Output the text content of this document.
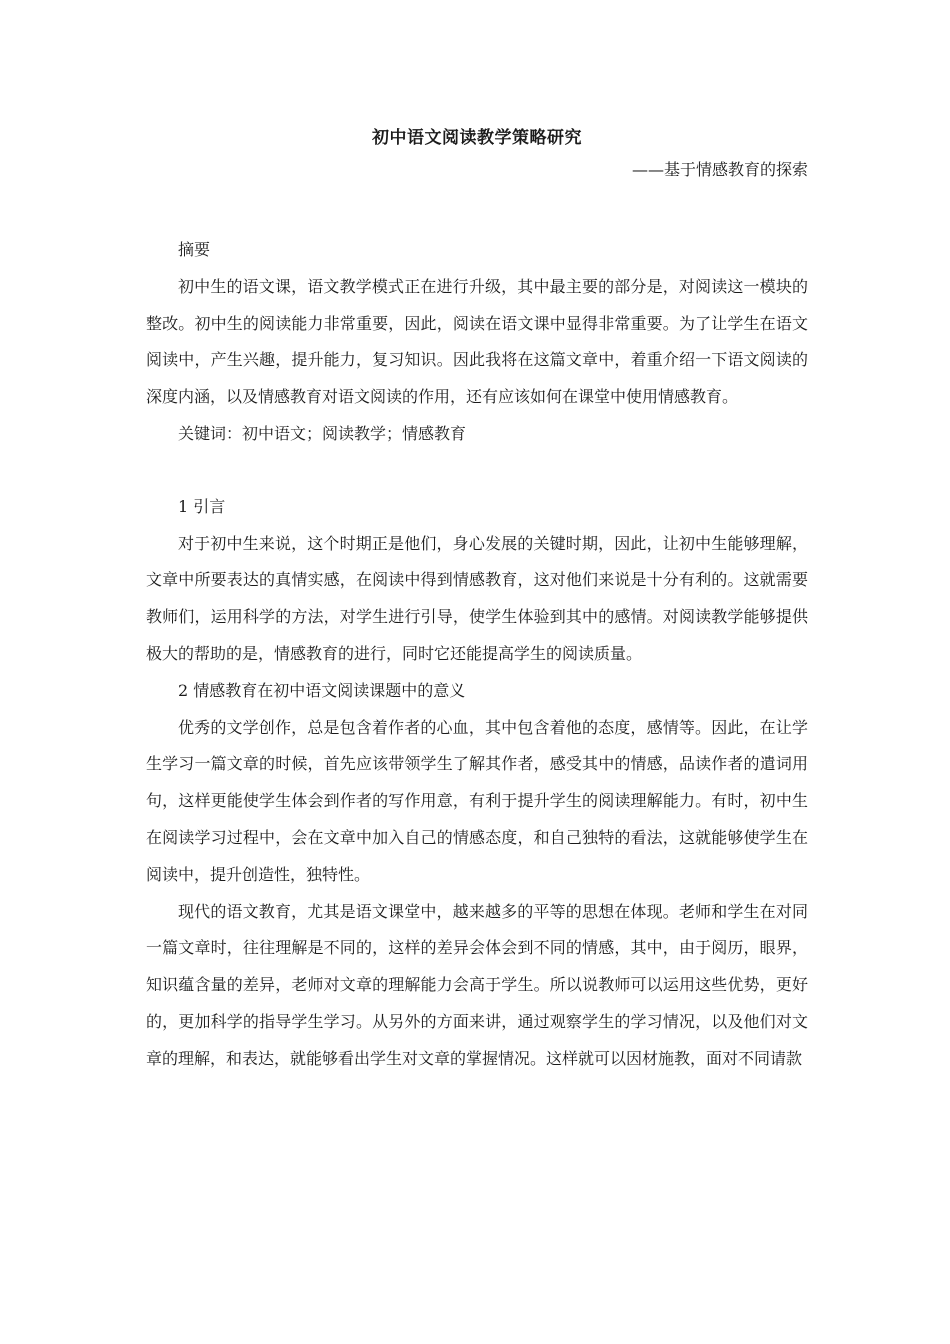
初中语文阅读教学策略研究
——基于情感教育的探索
摘要

初中生的语文课，语文教学模式正在进行升级，其中最主要的部分是，对阅读这一模块的整改。初中生的阅读能力非常重要，因此，阅读在语文课中显得非常重要。为了让学生在语文阅读中，产生兴趣，提升能力，复习知识。因此我将在这篇文章中，着重介绍一下语文阅读的深度内涵，以及情感教育对语文阅读的作用，还有应该如何在课堂中使用情感教育。

关键词：初中语文；阅读教学；情感教育
1 引言

对于初中生来说，这个时期正是他们，身心发展的关键时期，因此，让初中生能够理解，文章中所要表达的真情实感，在阅读中得到情感教育，这对他们来说是十分有利的。这就需要教师们，运用科学的方法，对学生进行引导，使学生体验到其中的感情。对阅读教学能够提供极大的帮助的是，情感教育的进行，同时它还能提高学生的阅读质量。

2 情感教育在初中语文阅读课题中的意义

优秀的文学创作，总是包含着作者的心血，其中包含着他的态度，感情等。因此，在让学生学习一篇文章的时候，首先应该带领学生了解其作者，感受其中的情感，品读作者的遣词用句，这样更能使学生体会到作者的写作用意，有利于提升学生的阅读理解能力。有时，初中生在阅读学习过程中，会在文章中加入自己的情感态度，和自己独特的看法，这就能够使学生在阅读中，提升创造性，独特性。

现代的语文教育，尤其是语文课堂中，越来越多的平等的思想在体现。老师和学生在对同一篇文章时，往往理解是不同的，这样的差异会体会到不同的情感，其中，由于阅历，眼界，知识蕴含量的差异，老师对文章的理解能力会高于学生。所以说教师可以运用这些优势，更好的，更加科学的指导学生学习。从另外的方面来讲，通过观察学生的学习情况，以及他们对文章的理解，和表达，就能够看出学生对文章的掌握情况。这样就可以因材施教，面对不同请款
